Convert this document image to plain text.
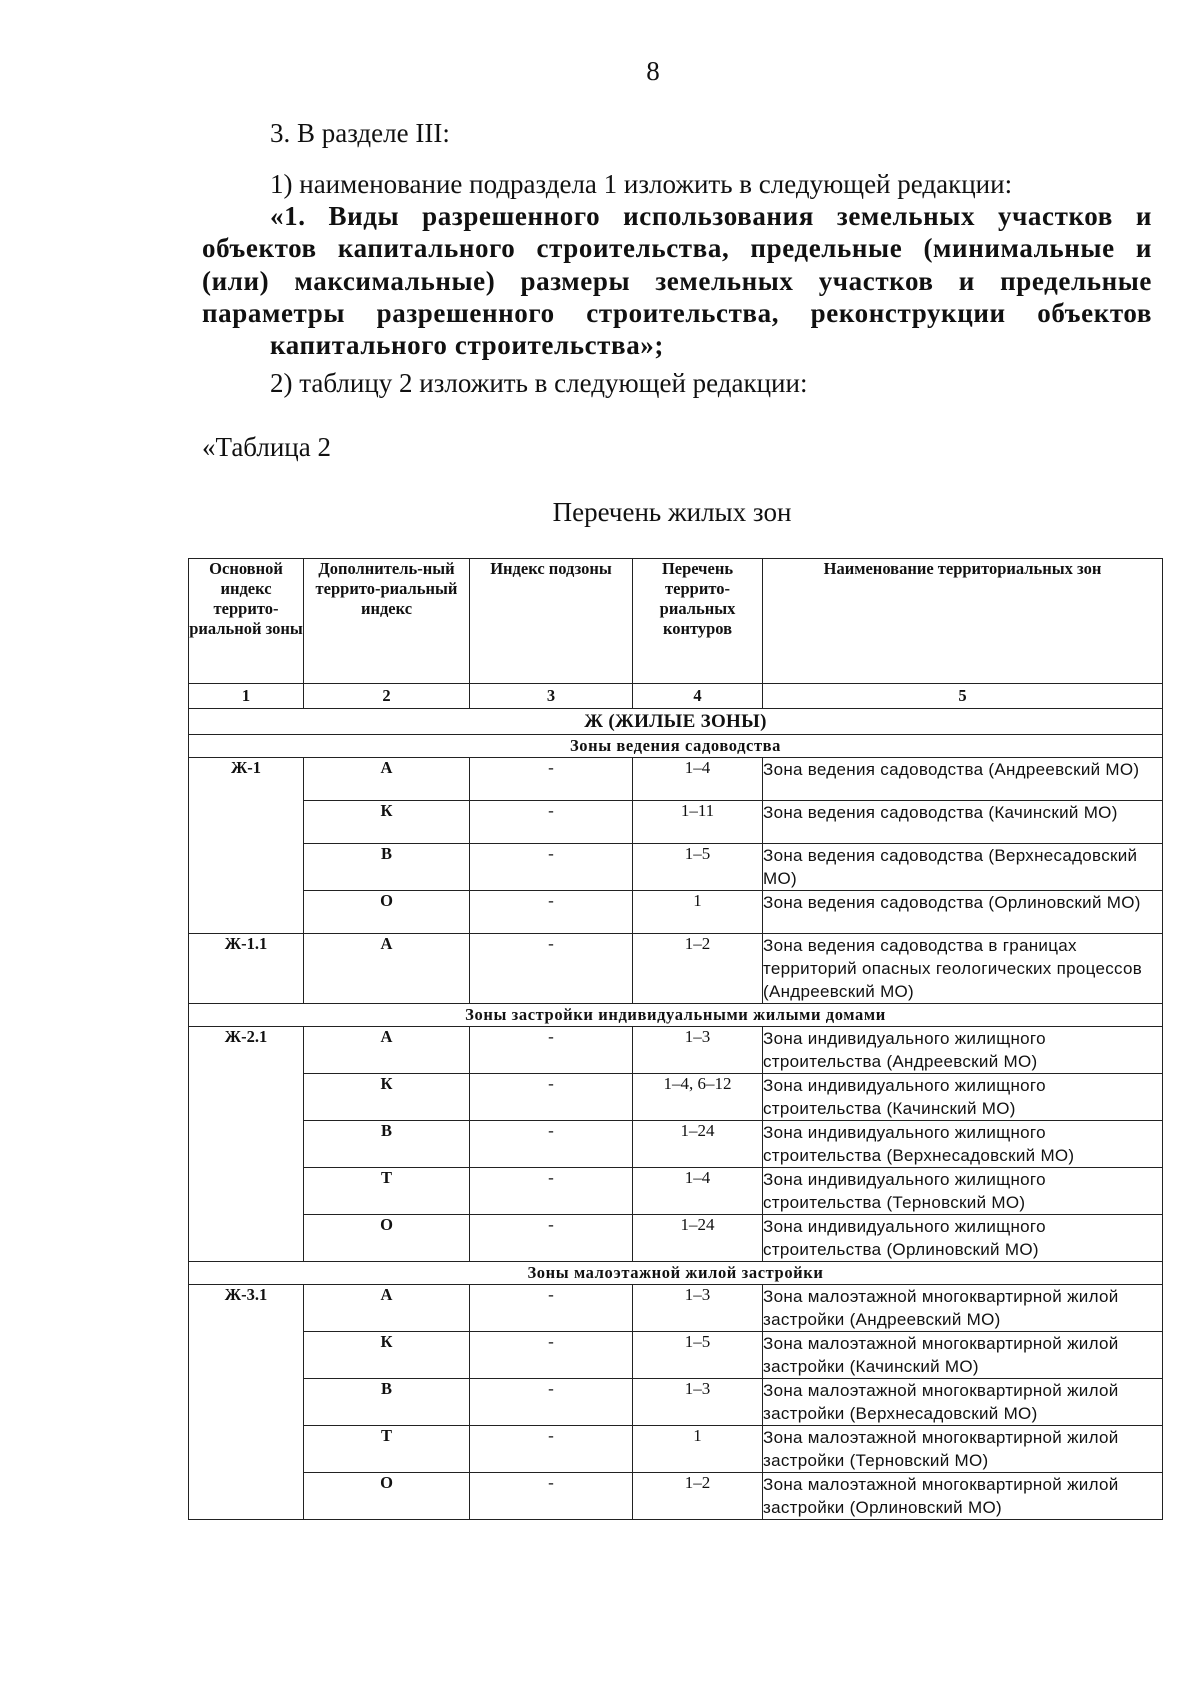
8
3. В разделе III:
1) наименование подраздела 1 изложить в следующей редакции:
«1. Виды разрешенного использования земельных участков и объектов капитального строительства, предельные (минимальные и (или) максимальные) размеры земельных участков и предельные параметры разрешенного строительства, реконструкции объектов
капитального строительства»;
2) таблицу 2 изложить в следующей редакции:
«Таблица 2
Перечень жилых зон
Основной индекс террито-риальной зоны	Дополнитель-ный террито-риальный индекс	Индекс подзоны	Перечень террито-риальных контуров	Наименование территориальных зон
1	2	3	4	5
Ж (ЖИЛЫЕ ЗОНЫ)				
Зоны ведения садоводства				
Ж-1	А	-	1–4	Зона ведения садоводства (Андреевский МО)
	К	-	1–11	Зона ведения садоводства (Качинский МО)
	В	-	1–5	Зона ведения садоводства (Верхнесадовский МО)
	О	-	1	Зона ведения садоводства (Орлиновский МО)
Ж-1.1	А	-	1–2	Зона ведения садоводства в границах территорий опасных геологических процессов (Андреевский МО)
Зоны застройки индивидуальными жилыми домами				
Ж-2.1	А	-	1–3	Зона индивидуального жилищного строительства (Андреевский МО)
	К	-	1–4, 6–12	Зона индивидуального жилищного строительства (Качинский МО)
	В	-	1–24	Зона индивидуального жилищного строительства (Верхнесадовский МО)
	Т	-	1–4	Зона индивидуального жилищного строительства (Терновский МО)
	О	-	1–24	Зона индивидуального жилищного строительства (Орлиновский МО)
Зоны малоэтажной жилой застройки				
Ж-3.1	А	-	1–3	Зона малоэтажной многоквартирной жилой застройки (Андреевский МО)
	К	-	1–5	Зона малоэтажной многоквартирной жилой застройки (Качинский МО)
	В	-	1–3	Зона малоэтажной многоквартирной жилой застройки (Верхнесадовский МО)
	Т	-	1	Зона малоэтажной многоквартирной жилой застройки (Терновский МО)
	О	-	1–2	Зона малоэтажной многоквартирной жилой застройки (Орлиновский МО)
